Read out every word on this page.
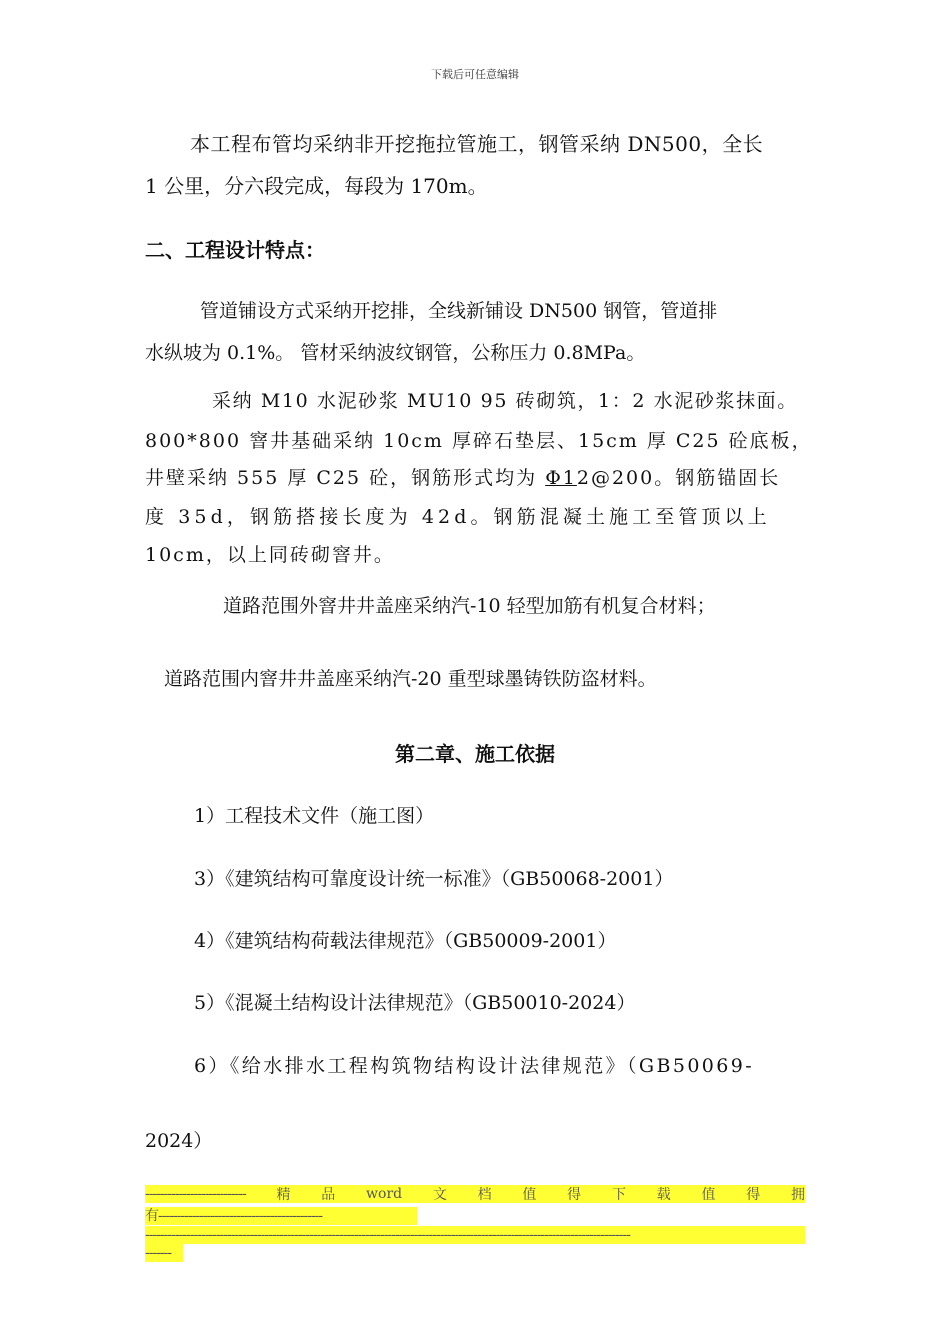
下载后可任意编辑
本工程布管均采纳非开挖拖拉管施工，钢管采纳 DN500，全长
1 公里，分六段完成，每段为 170m。
二、工程设计特点：
管道铺设方式采纳开挖排，全线新铺设 DN500 钢管，管道排
水纵坡为 0.1%。 管材采纳波纹钢管，公称压力 0.8MPa。
采纳 M10 水泥砂浆 MU10 95 砖砌筑，1：2 水泥砂浆抹面。
800*800 窨井基础采纳 10cm 厚碎石垫层、15cm 厚 C25 砼底板，
井壁采纳 555 厚 C25 砼，钢筋形式均为 Φ12@200。钢筋锚固长
度 35d，钢筋搭接长度为 42d。钢筋混凝土施工至管顶以上
10cm，以上同砖砌窨井。
道路范围外窨井井盖座采纳汽-10 轻型加筋有机复合材料；
道路范围内窨井井盖座采纳汽-20 重型球墨铸铁防盗材料。
第二章、施工依据
1）工程技术文件（施工图）
3）《建筑结构可靠度设计统一标准》（GB50068-2001）
4）《建筑结构荷载法律规范》（GB50009-2001）
5）《混凝土结构设计法律规范》（GB50010-2024）
6）《给水排水工程构筑物结构设计法律规范》（GB50069-
2024）
--------------------------- 精 品 word 文 档 值 得 下 载 值 得 拥
有--------------------------------------------
----------------------------------------------------------------------------------------------------------------------------------
-------
